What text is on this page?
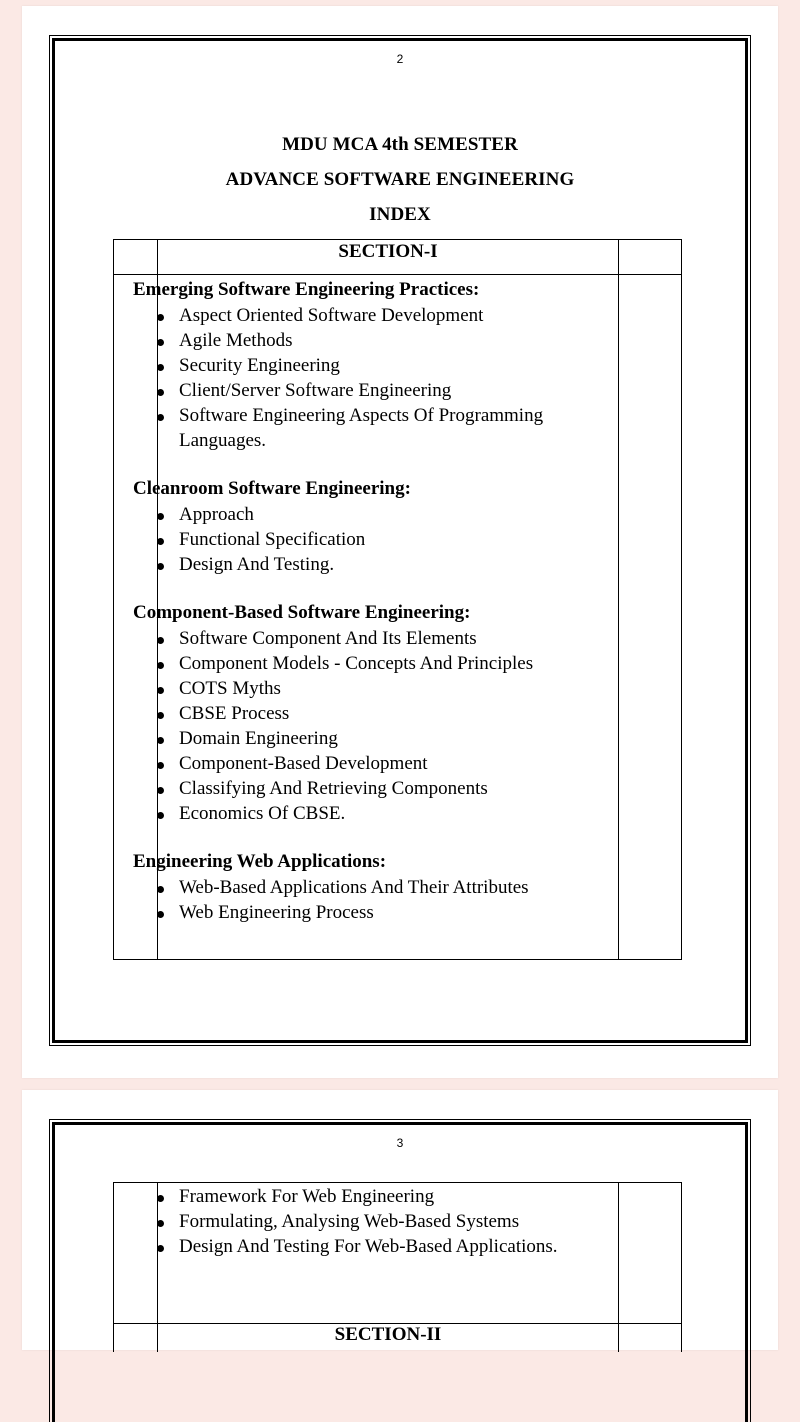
2
MDU MCA 4th SEMESTER
ADVANCE SOFTWARE ENGINEERING
INDEX
SECTION-I
Emerging Software Engineering Practices:
Aspect Oriented Software Development
Agile Methods
Security Engineering
Client/Server Software Engineering
Software Engineering Aspects Of Programming Languages.
Cleanroom Software Engineering:
Approach
Functional Specification
Design And Testing.
Component-Based Software Engineering:
Software Component And Its Elements
Component Models - Concepts And Principles
COTS Myths
CBSE Process
Domain Engineering
Component-Based Development
Classifying And Retrieving Components
Economics Of CBSE.
Engineering Web Applications:
Web-Based Applications And Their Attributes
Web Engineering Process
3
Framework For Web Engineering
Formulating, Analysing Web-Based Systems
Design And Testing For Web-Based Applications.
SECTION-II
